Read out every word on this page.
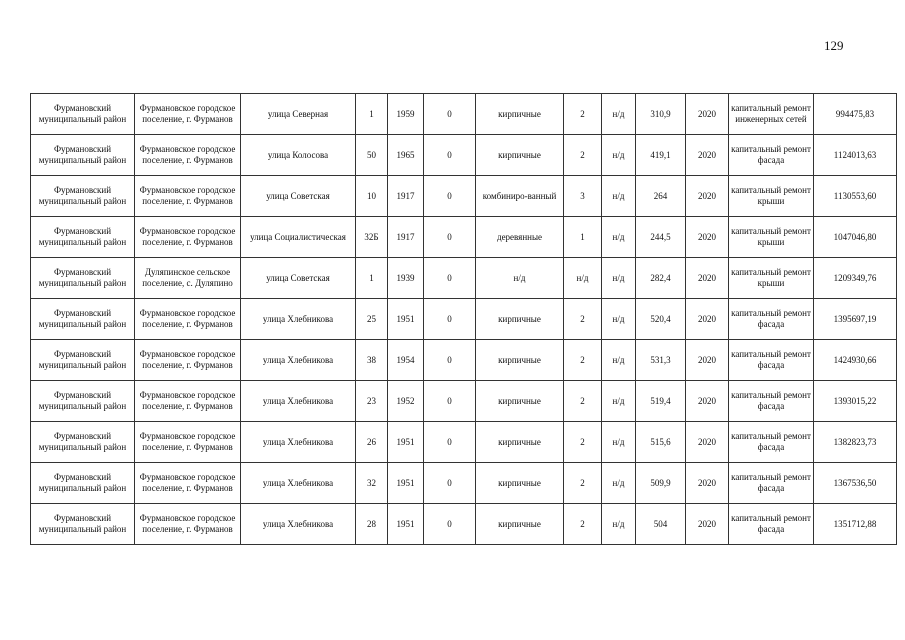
129
Фурмановский муниципальный район	Фурмановское городское поселение, г. Фурманов	улица Северная	1	1959	0	кирпичные	2	н/д	310,9	2020	капитальный ремонт инженерных сетей	994475,83
Фурмановский муниципальный район	Фурмановское городское поселение, г. Фурманов	улица Колосова	50	1965	0	кирпичные	2	н/д	419,1	2020	капитальный ремонт фасада	1124013,63
Фурмановский муниципальный район	Фурмановское городское поселение, г. Фурманов	улица Советская	10	1917	0	комбиниро-ванный	3	н/д	264	2020	капитальный ремонт крыши	1130553,60
Фурмановский муниципальный район	Фурмановское городское поселение, г. Фурманов	улица Социалистическая	32Б	1917	0	деревянные	1	н/д	244,5	2020	капитальный ремонт крыши	1047046,80
Фурмановский муниципальный район	Дуляпинское сельское поселение, с. Дуляпино	улица Советская	1	1939	0	н/д	н/д	н/д	282,4	2020	капитальный ремонт крыши	1209349,76
Фурмановский муниципальный район	Фурмановское городское поселение, г. Фурманов	улица Хлебникова	25	1951	0	кирпичные	2	н/д	520,4	2020	капитальный ремонт фасада	1395697,19
Фурмановский муниципальный район	Фурмановское городское поселение, г. Фурманов	улица Хлебникова	38	1954	0	кирпичные	2	н/д	531,3	2020	капитальный ремонт фасада	1424930,66
Фурмановский муниципальный район	Фурмановское городское поселение, г. Фурманов	улица Хлебникова	23	1952	0	кирпичные	2	н/д	519,4	2020	капитальный ремонт фасада	1393015,22
Фурмановский муниципальный район	Фурмановское городское поселение, г. Фурманов	улица Хлебникова	26	1951	0	кирпичные	2	н/д	515,6	2020	капитальный ремонт фасада	1382823,73
Фурмановский муниципальный район	Фурмановское городское поселение, г. Фурманов	улица Хлебникова	32	1951	0	кирпичные	2	н/д	509,9	2020	капитальный ремонт фасада	1367536,50
Фурмановский муниципальный район	Фурмановское городское поселение, г. Фурманов	улица Хлебникова	28	1951	0	кирпичные	2	н/д	504	2020	капитальный ремонт фасада	1351712,88
